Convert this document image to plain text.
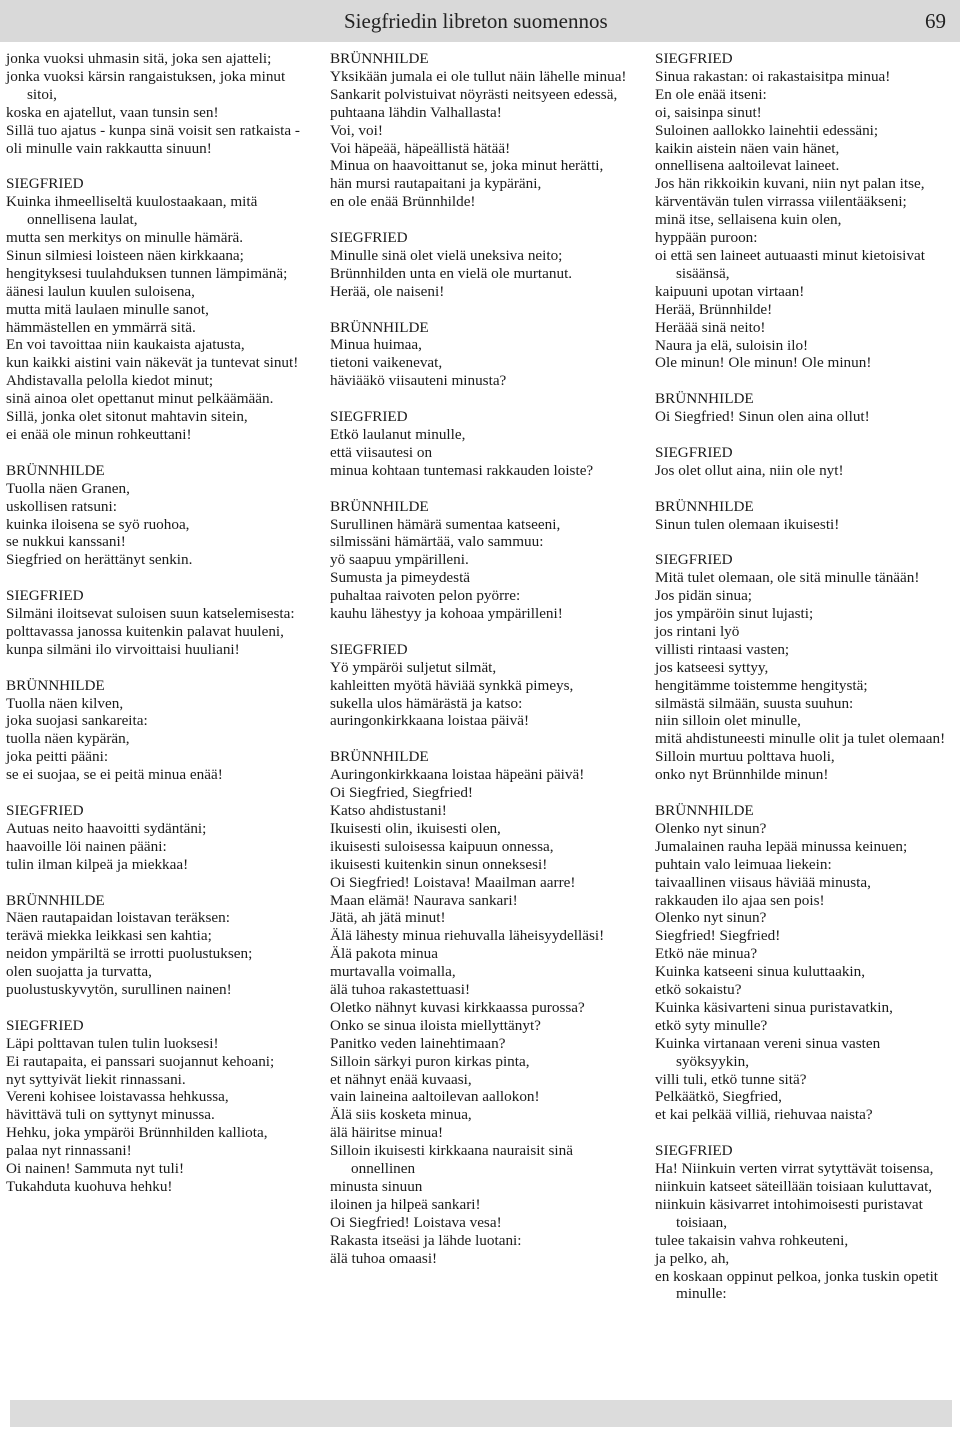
Siegfriedin libreton suomennos	69
jonka vuoksi uhmasin sitä, joka sen ajatteli;
jonka vuoksi kärsin rangaistuksen, joka minut sitoi,
koska en ajatellut, vaan tunsin sen!
Sillä tuo ajatus - kunpa sinä voisit sen ratkaista -
oli minulle vain rakkautta sinuun!
SIEGFRIED
Kuinka ihmeelliseltä kuulostaakaan, mitä onnellisena laulat,
mutta sen merkitys on minulle hämärä.
Sinun silmiesi loisteen näen kirkkaana;
hengityksesi tuulahduksen tunnen lämpimänä;
äänesi laulun kuulen suloisena,
mutta mitä laulaen minulle sanot,
hämmästellen en ymmärrä sitä.
En voi tavoittaa niin kaukaista ajatusta,
kun kaikki aistini vain näkevät ja tuntevat sinut!
Ahdistavalla pelolla kiedot minut;
sinä ainoa olet opettanut minut pelkäämään.
Sillä, jonka olet sitonut mahtavin sitein,
ei enää ole minun rohkeuttani!
BRÜNNHILDE
Tuolla näen Granen,
uskollisen ratsuni:
kuinka iloisena se syö ruohoa,
se nukkui kanssani!
Siegfried on herättänyt senkin.
SIEGFRIED
Silmäni iloitsevat suloisen suun katselemisesta:
polttavassa janossa kuitenkin palavat huuleni,
kunpa silmäni ilo virvoittaisi huuliani!
BRÜNNHILDE
Tuolla näen kilven,
joka suojasi sankareita:
tuolla näen kypärän,
joka peitti pääni:
se ei suojaa, se ei peitä minua enää!
SIEGFRIED
Autuas neito haavoitti sydäntäni;
haavoille löi nainen pääni:
tulin ilman kilpeä ja miekkaa!
BRÜNNHILDE
Näen rautapaidan loistavan teräksen:
terävä miekka leikkasi sen kahtia;
neidon ympäriltä se irrotti puolustuksen;
olen suojatta ja turvatta,
puolustuskyvytön, surullinen nainen!
SIEGFRIED
Läpi polttavan tulen tulin luoksesi!
Ei rautapaita, ei panssari suojannut kehoani;
nyt syttyivät liekit rinnassani.
Vereni kohisee loistavassa hehkussa,
hävittävä tuli on syttynyt minussa.
Hehku, joka ympäröi Brünnhilden kalliota,
palaa nyt rinnassani!
Oi nainen! Sammuta nyt tuli!
Tukahduta kuohuva hehku!
BRÜNNHILDE
Yksikään jumala ei ole tullut näin lähelle minua!
Sankarit polvistuivat nöyrästi neitsyeen edessä,
puhtaana lähdin Valhallasta!
Voi, voi!
Voi häpeää, häpeällistä hätää!
Minua on haavoittanut se, joka minut herätti,
hän mursi rautapaitani ja kypäräni,
en ole enää Brünnhilde!
SIEGFRIED
Minulle sinä olet vielä uneksiva neito;
Brünnhilden unta en vielä ole murtanut.
Herää, ole naiseni!
BRÜNNHILDE
Minua huimaa,
tietoni vaikenevat,
häviääkö viisauteni minusta?
SIEGFRIED
Etkö laulanut minulle,
että viisautesi on
minua kohtaan tuntemasi rakkauden loiste?
BRÜNNHILDE
Surullinen hämärä sumentaa katseeni,
silmissäni hämärtää, valo sammuu:
yö saapuu ympärilleni.
Sumusta ja pimeydestä
puhaltaa raivoten pelon pyörre:
kauhu lähestyy ja kohoaa ympärilleni!
SIEGFRIED
Yö ympäröi suljetut silmät,
kahleitten myötä häviää synkkä pimeys,
sukella ulos hämärästä ja katso:
auringonkirkkaana loistaa päivä!
BRÜNNHILDE
Auringonkirkkaana loistaa häpeäni päivä!
Oi Siegfried, Siegfried!
Katso ahdistustani!
Ikuisesti olin, ikuisesti olen,
ikuisesti suloisessa kaipuun onnessa,
ikuisesti kuitenkin sinun onneksesi!
Oi Siegfried! Loistava! Maailman aarre!
Maan elämä! Naurava sankari!
Jätä, ah jätä minut!
Älä lähesty minua riehuvalla läheisyydelläsi!
Älä pakota minua
murtavalla voimalla,
älä tuhoa rakastettuasi!
Oletko nähnyt kuvasi kirkkaassa purossa?
Onko se sinua iloista miellyttänyt?
Panitko veden lainehtimaan?
Silloin särkyi puron kirkas pinta,
et nähnyt enää kuvaasi,
vain laineina aaltoilevan aallokon!
Älä siis kosketa minua,
älä häiritse minua!
Silloin ikuisesti kirkkaana nauraisit sinä onnellinen
minusta sinuun
iloinen ja hilpeä sankari!
Oi Siegfried! Loistava vesa!
Rakasta itseäsi ja lähde luotani:
älä tuhoa omaasi!
SIEGFRIED
Sinua rakastan: oi rakastaisitpa minua!
En ole enää itseni:
oi, saisinpa sinut!
Suloinen aallokko lainehtii edessäni;
kaikin aistein näen vain hänet,
onnellisena aaltoilevat laineet.
Jos hän rikkoikin kuvani, niin nyt palan itse,
kärventävän tulen virrassa viilentääkseni;
minä itse, sellaisena kuin olen,
hyppään puroon:
oi että sen laineet autuaasti minut kietoisivat sisäänsä,
kaipuuni upotan virtaan!
Herää, Brünnhilde!
Heräää sinä neito!
Naura ja elä, suloisin ilo!
Ole minun! Ole minun! Ole minun!
BRÜNNHILDE
Oi Siegfried! Sinun olen aina ollut!
SIEGFRIED
Jos olet ollut aina, niin ole nyt!
BRÜNNHILDE
Sinun tulen olemaan ikuisesti!
SIEGFRIED
Mitä tulet olemaan, ole sitä minulle tänään!
Jos pidän sinua;
jos ympäröin sinut lujasti;
jos rintani lyö
villisti rintaasi vasten;
jos katseesi syttyy,
hengitämme toistemme hengitystä;
silmästä silmään, suusta suuhun:
niin silloin olet minulle,
mitä ahdistuneesti minulle olit ja tulet olemaan!
Silloin murtuu polttava huoli,
onko nyt Brünnhilde minun!
BRÜNNHILDE
Olenko nyt sinun?
Jumalainen rauha lepää minussa keinuen;
puhtain valo leimuaa liekein:
taivaallinen viisaus häviää minusta,
rakkauden ilo ajaa sen pois!
Olenko nyt sinun?
Siegfried! Siegfried!
Etkö näe minua?
Kuinka katseeni sinua kuluttaakin,
etkö sokaistu?
Kuinka käsivarteni sinua puristavatkin,
etkö syty minulle?
Kuinka virtanaan vereni sinua vasten syöksyykin,
villi tuli, etkö tunne sitä?
Pelkäätkö, Siegfried,
et kai pelkää villiä, riehuvaa naista?
SIEGFRIED
Ha! Niinkuin verten virrat sytyttävät toisensa,
niinkuin katseet säteillään toisiaan kuluttavat,
niinkuin käsivarret intohimoisesti puristavat toisiaan,
tulee takaisin vahva rohkeuteni,
ja pelko, ah,
en koskaan oppinut pelkoa, jonka tuskin opetit minulle:
